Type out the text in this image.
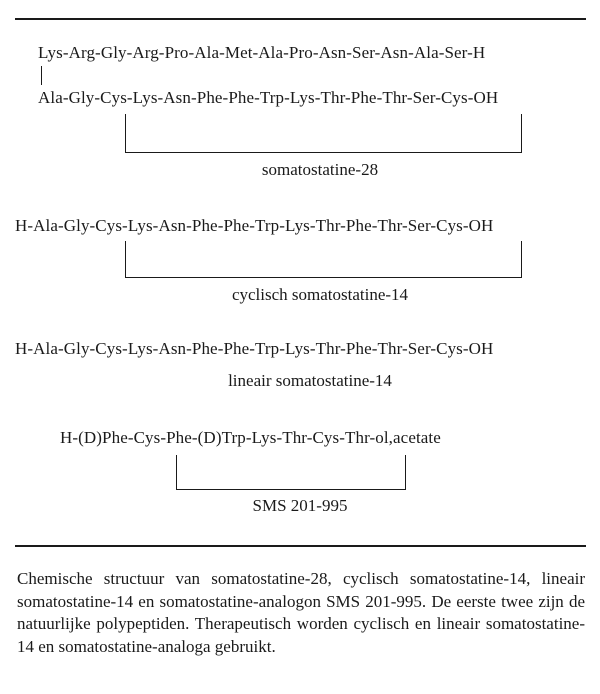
Lys-Arg-Gly-Arg-Pro-Ala-Met-Ala-Pro-Asn-Ser-Asn-Ala-Ser-H
Ala-Gly-Cys-Lys-Asn-Phe-Phe-Trp-Lys-Thr-Phe-Thr-Ser-Cys-OH
somatostatine-28
H-Ala-Gly-Cys-Lys-Asn-Phe-Phe-Trp-Lys-Thr-Phe-Thr-Ser-Cys-OH
cyclisch somatostatine-14
H-Ala-Gly-Cys-Lys-Asn-Phe-Phe-Trp-Lys-Thr-Phe-Thr-Ser-Cys-OH
lineair somatostatine-14
H-(D)Phe-Cys-Phe-(D)Trp-Lys-Thr-Cys-Thr-ol,acetate
SMS 201-995
Chemische structuur van somatostatine-28, cyclisch somatostatine-14, lineair somatostatine-14 en somatostatine-analogon SMS 201-995. De eerste twee zijn de natuurlijke polypeptiden. Therapeutisch worden cyclisch en lineair somatostatine-14 en somatostatine-analoga gebruikt.
